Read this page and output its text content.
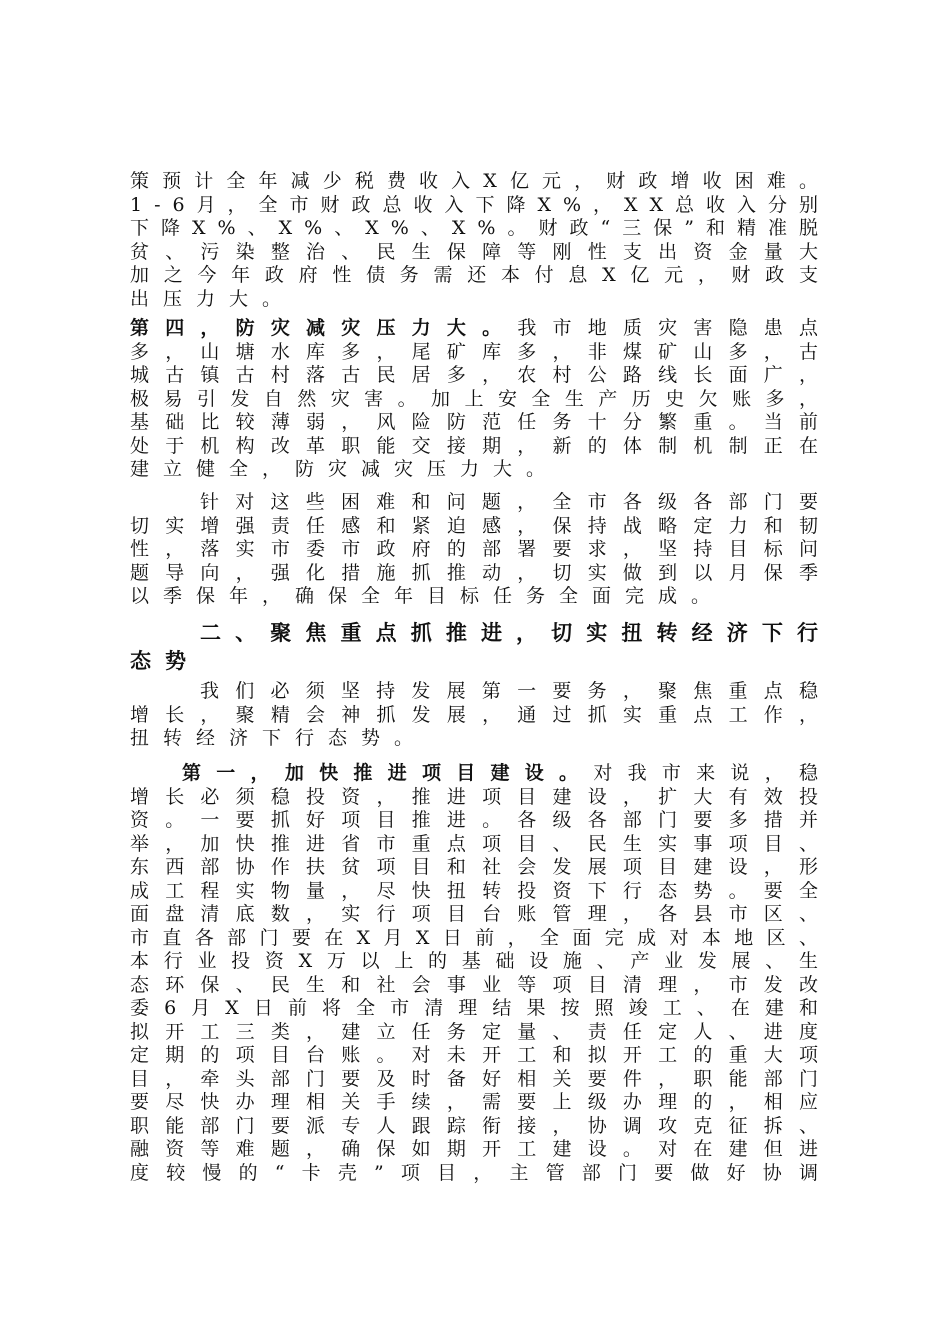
策预计全年减少税费收入X亿元，财政增收困难。
1-6月，全市财政总收入下降X%，XX总收入分别
下降X%、X%、X%、X%。财政“三保”和精准脱
贫、污染整治、民生保障等刚性支出资金量大
加之今年政府性债务需还本付息X亿元，财政支
出压力大。
第四，防灾减灾压力大。我市地质灾害隐患点
多，山塘水库多，尾矿库多，非煤矿山多，古
城古镇古村落古民居多，农村公路线长面广，
极易引发自然灾害。加上安全生产历史欠账多，
基础比较薄弱，风险防范任务十分繁重。当前
处于机构改革职能交接期，新的体制机制正在
建立健全，防灾减灾压力大。
针对这些困难和问题，全市各级各部门要
切实增强责任感和紧迫感，保持战略定力和韧
性，落实市委市政府的部署要求，坚持目标问
题导向，强化措施抓推动，切实做到以月保季
以季保年，确保全年目标任务全面完成。
二、聚焦重点抓推进，切实扭转经济下行
态势
我们必须坚持发展第一要务，聚焦重点稳
增长，聚精会神抓发展，通过抓实重点工作，
扭转经济下行态势。
第一，加快推进项目建设。对我市来说，稳
增长必须稳投资，推进项目建设，扩大有效投
资。一要抓好项目推进。各级各部门要多措并
举，加快推进省市重点项目、民生实事项目、
东西部协作扶贫项目和社会发展项目建设，形
成工程实物量，尽快扭转投资下行态势。要全
面盘清底数，实行项目台账管理，各县市区、
市直各部门要在X月X日前，全面完成对本地区、
本行业投资X万以上的基础设施、产业发展、生
态环保、民生和社会事业等项目清理，市发改
委6月X日前将全市清理结果按照竣工、在建和
拟开工三类，建立任务定量、责任定人、进度
定期的项目台账。对未开工和拟开工的重大项
目，牵头部门要及时备好相关要件，职能部门
要尽快办理相关手续，需要上级办理的，相应
职能部门要派专人跟踪衔接，协调攻克征拆、
融资等难题，确保如期开工建设。对在建但进
度较慢的“卡壳”项目，主管部门要做好协调
